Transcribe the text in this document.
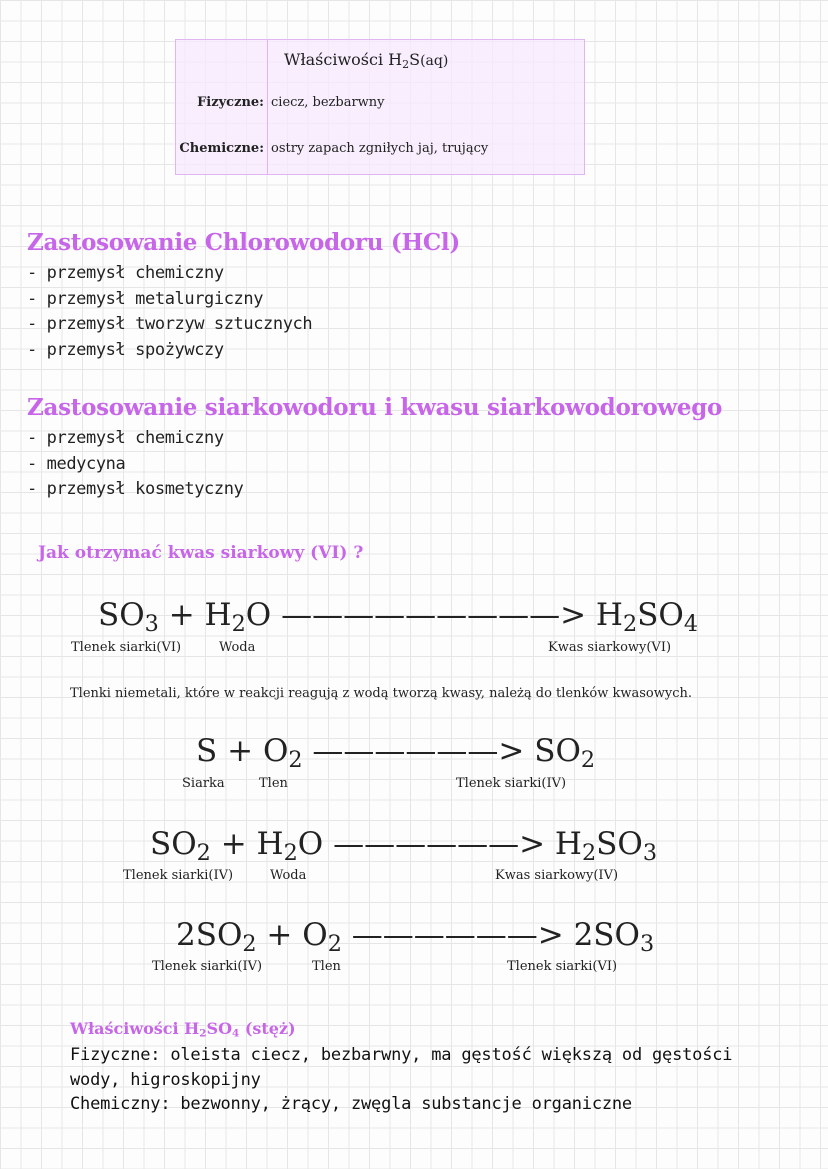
Właściwości $H_2S(aq)$
Fizyczne: ciecz, bezbarwny
Chemiczne: ostry zapach zgniłych jaj, trujący
Zastosowanie Chlorowodoru (HCl)
- przemysł chemiczny
- przemysł metalurgiczny
- przemysł tworzyw sztucznych
- przemysł spożywczy
Zastosowanie siarkowodoru i kwasu siarkowodorowego
- przemysł chemiczny
- medycyna
- przemysł kosmetyczny
Jak otrzymać kwas siarkowy (VI) ?
$SO_3 + H_2O$ —————————> $H_2SO_4$
Tlenek siarki(VI)	Woda	Kwas siarkowy(VI)
Tlenki niemetali, które w reakcji reagują z wodą tworzą kwasy, należą do tlenków kwasowych.
$S + O_2$ ——————> $SO_2$
Siarka	Tlen	Tlenek siarki(IV)
$SO_2 + H_2O$ ——————> $H_2SO_3$
Tlenek siarki(IV)	Woda	Kwas siarkowy(IV)
$2SO_2 + O_2$ ——————> $2SO_3$
Tlenek siarki(IV)	Tlen	Tlenek siarki(VI)
Właściwości $H_2SO_4$ (stęż)
Fizyczne: oleista ciecz, bezbarwny, ma gęstość większą od gęstości
wody, higroskopijny
Chemiczny: bezwonny, żrący, zwęgla substancje organiczne
